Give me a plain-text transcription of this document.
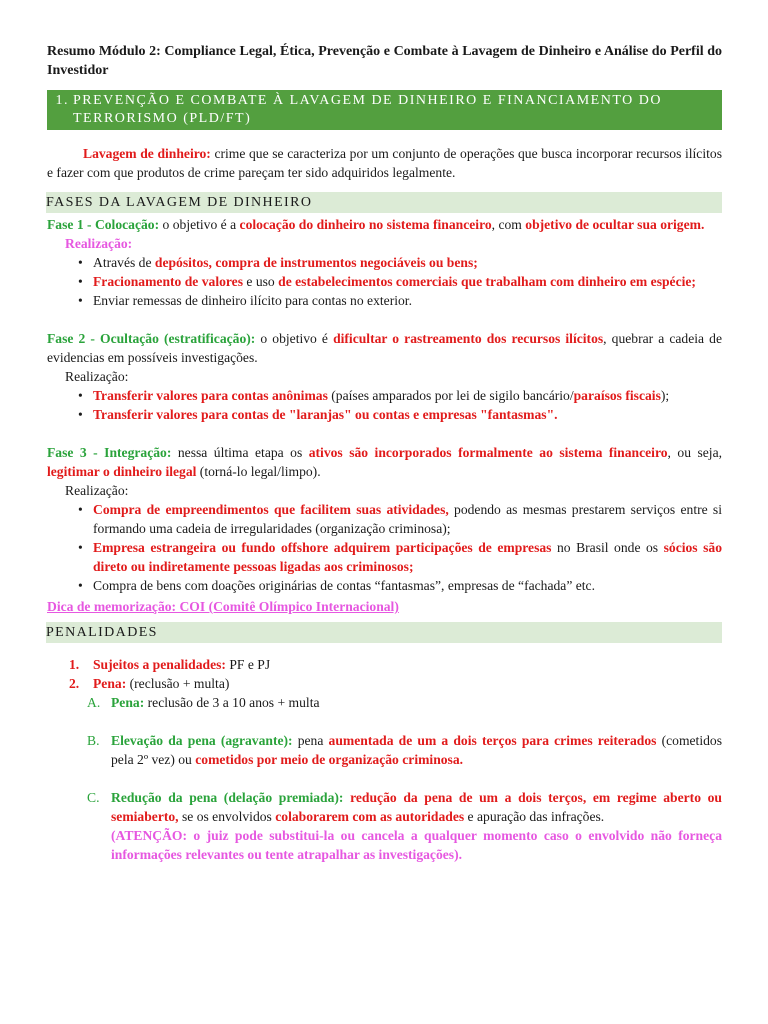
Resumo Módulo 2: Compliance Legal, Ética, Prevenção e Combate à Lavagem de Dinheiro e Análise do Perfil do Investidor
1. PREVENÇÃO E COMBATE À LAVAGEM DE DINHEIRO E FINANCIAMENTO DO TERRORISMO (PLD/FT)

Lavagem de dinheiro: crime que se caracteriza por um conjunto de operações que busca incorporar recursos ilícitos e fazer com que produtos de crime pareçam ter sido adquiridos legalmente.

FASES DA LAVAGEM DE DINHEIRO

Fase 1 - Colocação: o objetivo é a colocação do dinheiro no sistema financeiro, com objetivo de ocultar sua origem.

Realização:
• Através de depósitos, compra de instrumentos negociáveis ou bens;
• Fracionamento de valores e uso de estabelecimentos comerciais que trabalham com dinheiro em espécie;
• Enviar remessas de dinheiro ilícito para contas no exterior.

Fase 2 - Ocultação (estratificação): o objetivo é dificultar o rastreamento dos recursos ilícitos, quebrar a cadeia de evidencias em possíveis investigações.

Realização:
• Transferir valores para contas anônimas (países amparados por lei de sigilo bancário/paraísos fiscais);
• Transferir valores para contas de "laranjas" ou contas e empresas "fantasmas".

Fase 3 - Integração: nessa última etapa os ativos são incorporados formalmente ao sistema financeiro, ou seja, legitimar o dinheiro ilegal (torná-lo legal/limpo).

Realização:
• Compra de empreendimentos que facilitem suas atividades, podendo as mesmas prestarem serviços entre si formando uma cadeia de irregularidades (organização criminosa);
• Empresa estrangeira ou fundo offshore adquirem participações de empresas no Brasil onde os sócios são direto ou indiretamente pessoas ligadas aos criminosos;
• Compra de bens com doações originárias de contas “fantasmas”, empresas de “fachada” etc.
Dica de memorização: COI (Comitê Olímpico Internacional)
PENALIDADES
1. Sujeitos a penalidades: PF e PJ
2. Pena: (reclusão + multa)
A. Pena: reclusão de 3 a 10 anos + multa
B. Elevação da pena (agravante): pena aumentada de um a dois terços para crimes reiterados (cometidos pela 2º vez) ou cometidos por meio de organização criminosa.
C. Redução da pena (delação premiada): redução da pena de um a dois terços, em regime aberto ou semiaberto, se os envolvidos colaborarem com as autoridades e apuração das infrações.
(ATENÇÃO: o juiz pode substitui-la ou cancela a qualquer momento caso o envolvido não forneça informações relevantes ou tente atrapalhar as investigações).
